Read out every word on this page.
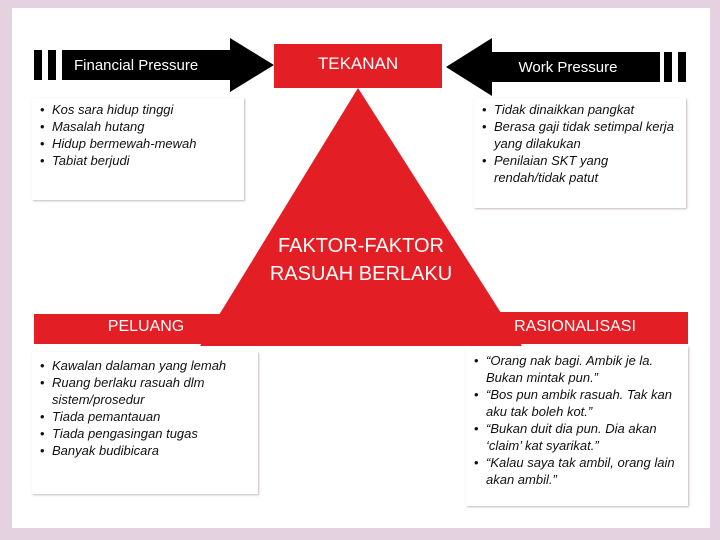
Financial Pressure	Work Pressure
TEKANAN
FAKTOR-FAKTOR
RASUAH BERLAKU
PELUANG	RASIONALISASI
• Kos sara hidup tinggi
• Masalah hutang
• Hidup bermewah-mewah
• Tabiat berjudi
• Tidak dinaikkan pangkat
• Berasa gaji tidak setimpal kerja yang dilakukan
• Penilaian SKT yang rendah/tidak patut
• Kawalan dalaman yang lemah
• Ruang berlaku rasuah dlm sistem/prosedur
• Tiada pemantauan
• Tiada pengasingan tugas
• Banyak budibicara
• “Orang nak bagi. Ambik je la. Bukan mintak pun.”
• “Bos pun ambik rasuah. Tak kan aku tak boleh kot.”
• “Bukan duit dia pun. Dia akan ‘claim’ kat syarikat.”
• “Kalau saya tak ambil, orang lain akan ambil.”
